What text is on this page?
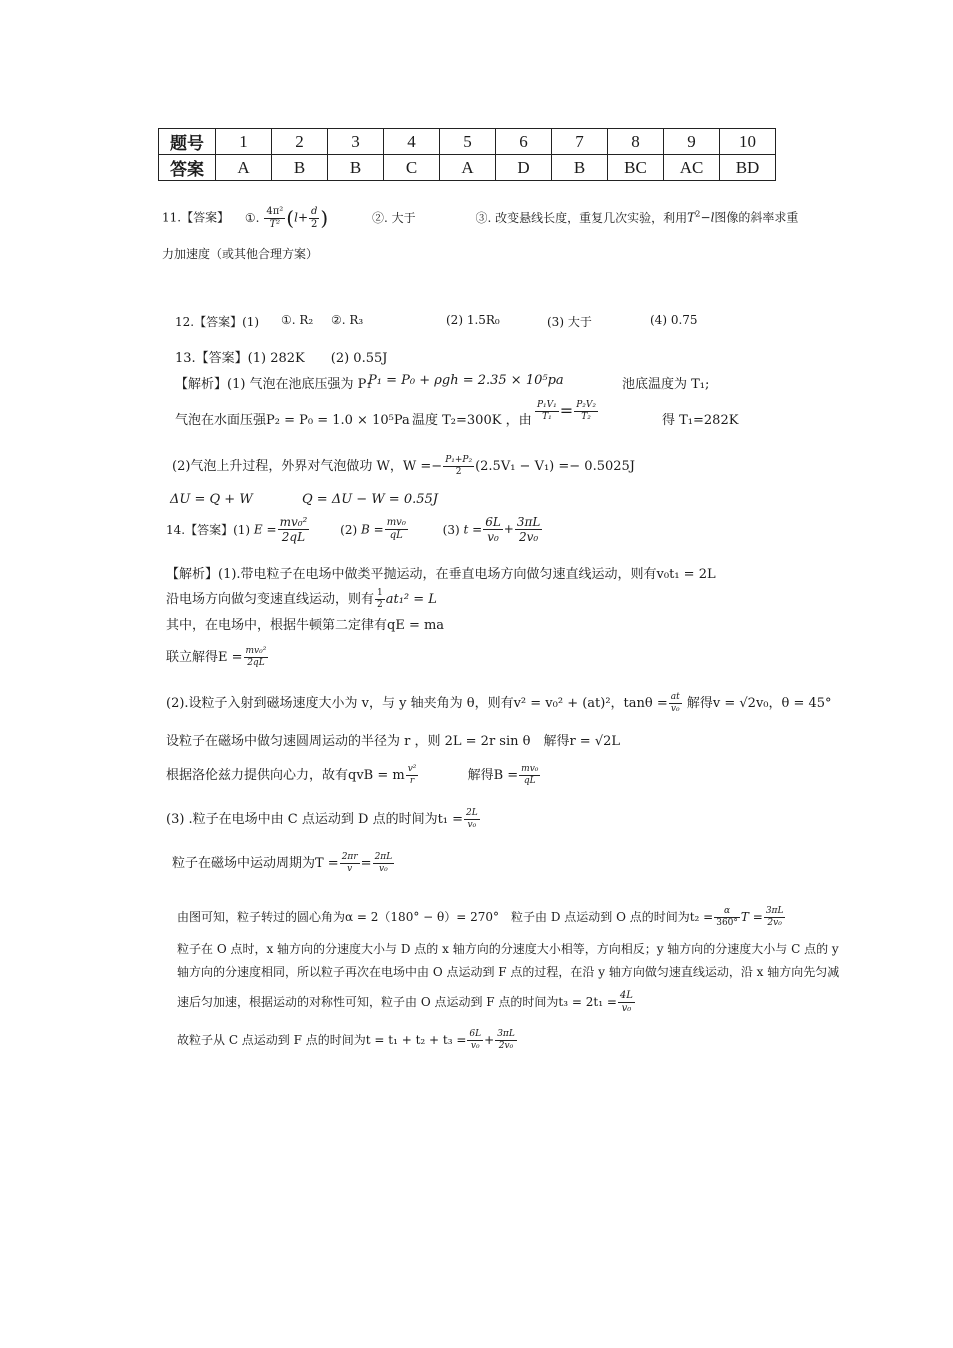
题号	1	2	3	4	5	6	7	8	9	10
答案	A	B	B	C	A	D	B	BC	AC	BD
11.【答案】 ①. $\frac{\text{4π²}}{\text{T²}} (l+ \frac{d}{2}$ )	②. 大于	③. 改变悬线长度，重复几次实验，利用$T^2-l$图像的斜率求重
力加速度（或其他合理方案）
12.【答案】(1) ①. R₂ ②. R₃	(2) 1.5R₀	(3) 大于	(4) 0.75
13.【答案】(1) 282K　　(2) 0.55J
【解析】(1) 气泡在池底压强为 P₁
P₁ = P₀ + ρgh = 2.35 × 10⁵pa	池底温度为 T₁;
气泡在水面压强P₂ = P₀ = 1.0 × 10⁵Pa 温度 T₂=300K ，由 $\frac{\text{P₁V₁}}{\text{T₁}} = \frac{\text{P₂V₂}}{\text{T₂}}$	得 T₁=282K
(2)气泡上升过程，外界对气泡做功 W，$W =- \frac{\text{P₁+P₂}}{2} (2.5V_1 - V_1) =- 0.5025J$
ΔU = Q + W	Q = ΔU − W = 0.55J
14.【答案】(1) $E = \frac{\text{mv₀²}}{2qL}$	(2) $B = \frac{\text{mv₀}}{qL}$	(3) $t = \frac{6L}{\text{v₀}} + \frac{3\pi L}{\text{2v₀}}$
【解析】(1).带电粒子在电场中做类平抛运动，在垂直电场方向做匀速直线运动，则有v₀t₁ = 2L
沿电场方向做匀变速直线运动，则有 $\frac{1}{2} at_1^2 = L$
其中，在电场中，根据牛顿第二定律有qE = ma
联立解得$E = \frac{\text{mv₀²}}{2qL}$
(2).设粒子入射到磁场速度大小为 v，与 y 轴夹角为 θ，则有v² = v₀² + (at)²，$\tan\theta = \frac{at}{\text{v₀}}$ 解得v = √2v₀，θ = 45°
设粒子在磁场中做匀速圆周运动的半径为 r ，则 2L = 2r sin θ　解得r = √2L
根据洛伦兹力提供向心力，故有qvB = m $\frac{\text{v²}}{r}$	解得$B = \frac{\text{mv₀}}{qL}$
(3) .粒子在电场中由 C 点运动到 D 点的时间为$t_1 = \frac{2L}{\text{v₀}}$
粒子在磁场中运动周期为$T = \frac{2\pi r}{v} = \frac{2\pi L}{\text{v₀}}$
由图可知，粒子转过的圆心角为α = 2（180° − θ）= 270°　粒子由 D 点运动到 O 点的时间为$t_2 = \frac{\alpha}{360^\circ}$ $T = \frac{3\pi L}{\text{2v₀}}$
粒子在 O 点时，x 轴方向的分速度大小与 D 点的 x 轴方向的分速度大小相等，方向相反；y 轴方向的分速度大小与 C 点的 y
轴方向的分速度相同，所以粒子再次在电场中由 O 点运动到 F 点的过程，在沿 y 轴方向做匀速直线运动，沿 x 轴方向先匀减
速后匀加速，根据运动的对称性可知，粒子由 O 点运动到 F 点的时间为$t_3 = 2t_1 = \frac{4L}{\text{v₀}}$
故粒子从 C 点运动到 F 点的时间为$t = t_1 + t_2 + t_3 = \frac{6L}{\text{v₀}} + \frac{3\pi L}{\text{2v₀}}$
